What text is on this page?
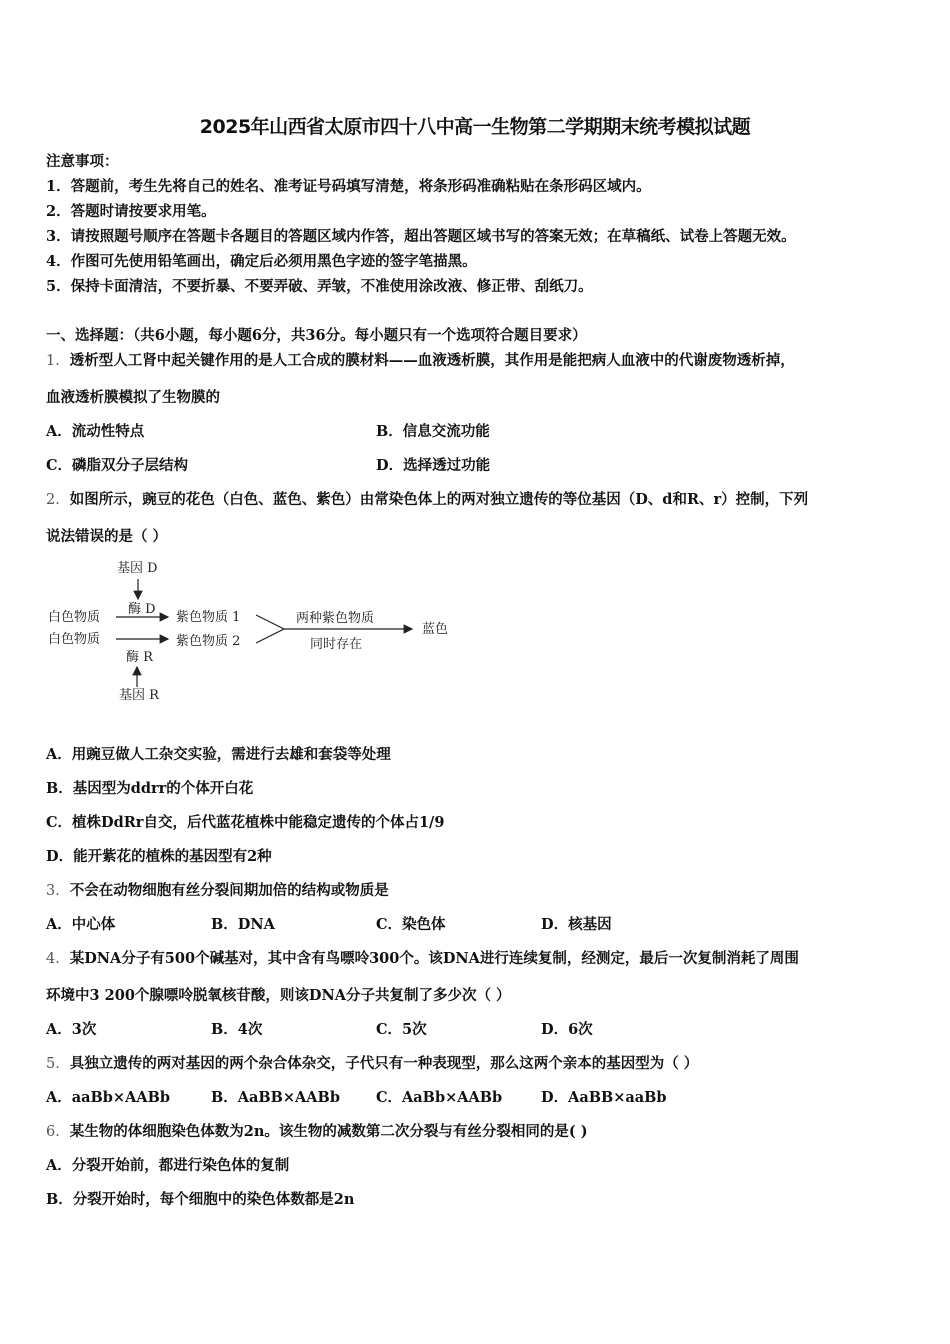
2025年山西省太原市四十八中高一生物第二学期期末统考模拟试题
注意事项：
1．答题前，考生先将自己的姓名、准考证号码填写清楚，将条形码准确粘贴在条形码区域内。
2．答题时请按要求用笔。
3．请按照题号顺序在答题卡各题目的答题区域内作答，超出答题区域书写的答案无效；在草稿纸、试卷上答题无效。
4．作图可先使用铅笔画出，确定后必须用黑色字迹的签字笔描黑。
5．保持卡面清洁，不要折暴、不要弄破、弄皱，不准使用涂改液、修正带、刮纸刀。
一、选择题：（共6小题，每小题6分，共36分。每小题只有一个选项符合题目要求）
1．透析型人工肾中起关键作用的是人工合成的膜材料——血液透析膜，其作用是能把病人血液中的代谢废物透析掉，
血液透析膜模拟了生物膜的
A．流动性特点	B．信息交流功能
C．磷脂双分子层结构	D．选择透过功能
2．如图所示，豌豆的花色（白色、蓝色、紫色）由常染色体上的两对独立遗传的等位基因（D、d和R、r）控制，下列
说法错误的是（ ）
基因 D
酶 D
白色物质	紫色物质 1
白色物质	紫色物质 2
两种紫色物质
同时存在
蓝色
酶 R
基因 R
A．用豌豆做人工杂交实验，需进行去雄和套袋等处理
B．基因型为ddrr的个体开白花
C．植株DdRr自交，后代蓝花植株中能稳定遗传的个体占1/9
D．能开紫花的植株的基因型有2种
3．不会在动物细胞有丝分裂间期加倍的结构或物质是
A．中心体	B．DNA	C．染色体	D．核基因
4．某DNA分子有500个碱基对，其中含有鸟嘌呤300个。该DNA进行连续复制，经测定，最后一次复制消耗了周围
环境中3 200个腺嘌呤脱氧核苷酸，则该DNA分子共复制了多少次（ ）
A．3次	B．4次	C．5次	D．6次
5．具独立遗传的两对基因的两个杂合体杂交，子代只有一种表现型，那么这两个亲本的基因型为（ ）
A．aaBb×AABb	B．AaBB×AABb C．AaBb×AABb	D．AaBB×aaBb
6．某生物的体细胞染色体数为2n。该生物的减数第二次分裂与有丝分裂相同的是( )
A．分裂开始前，都进行染色体的复制
B．分裂开始时，每个细胞中的染色体数都是2n
